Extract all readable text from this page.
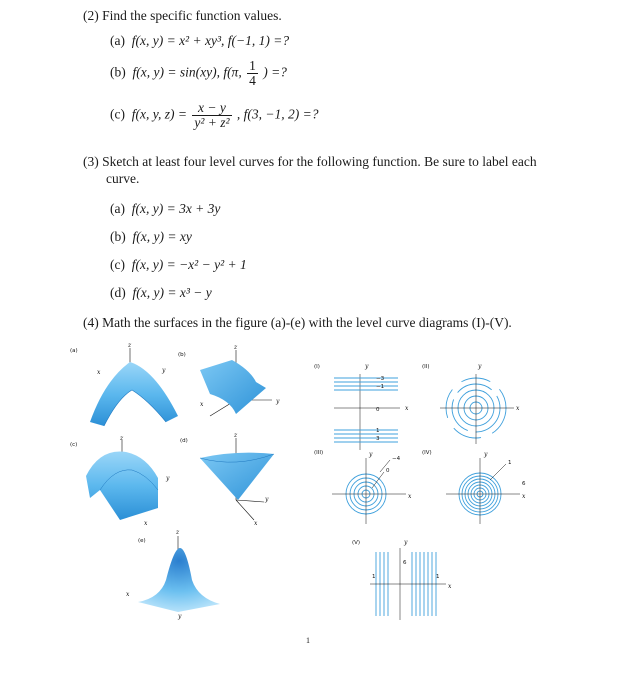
(2) Find the specific function values.
(a) f(x, y) = x² + xy³, f(−1, 1) =?
(b) f(x, y) = sin(xy), f(π, $\frac{1}{4}$ ) =?
(c) f(x, y, $z) = \frac{x - y}{\text{y² + z²}}$ , f(3, −1, 2) =?
(3) Sketch at least four level curves for the following function. Be sure to label each
curve.
(a) f(x, y) = 3x + 3y
(b) f(x, y) = xy
(c) f(x, y) = −x² − y² + 1
(d) f(x, y) = x³ − y
(4) Math the surfaces in the figure (a)-(e) with the level curve diagrams (I)-(V).
(a)
z
x	y
(b)
z
y
x
(c)
z
y
x
(d)
z
y
x
(e)
z
x
y
(I)	y
x
−3
−1
0
1
3
(II)	y
x
(III)	y
x
−4
0
(IV)	y
x
1
6
(V)	y
x
1
6
1
1
